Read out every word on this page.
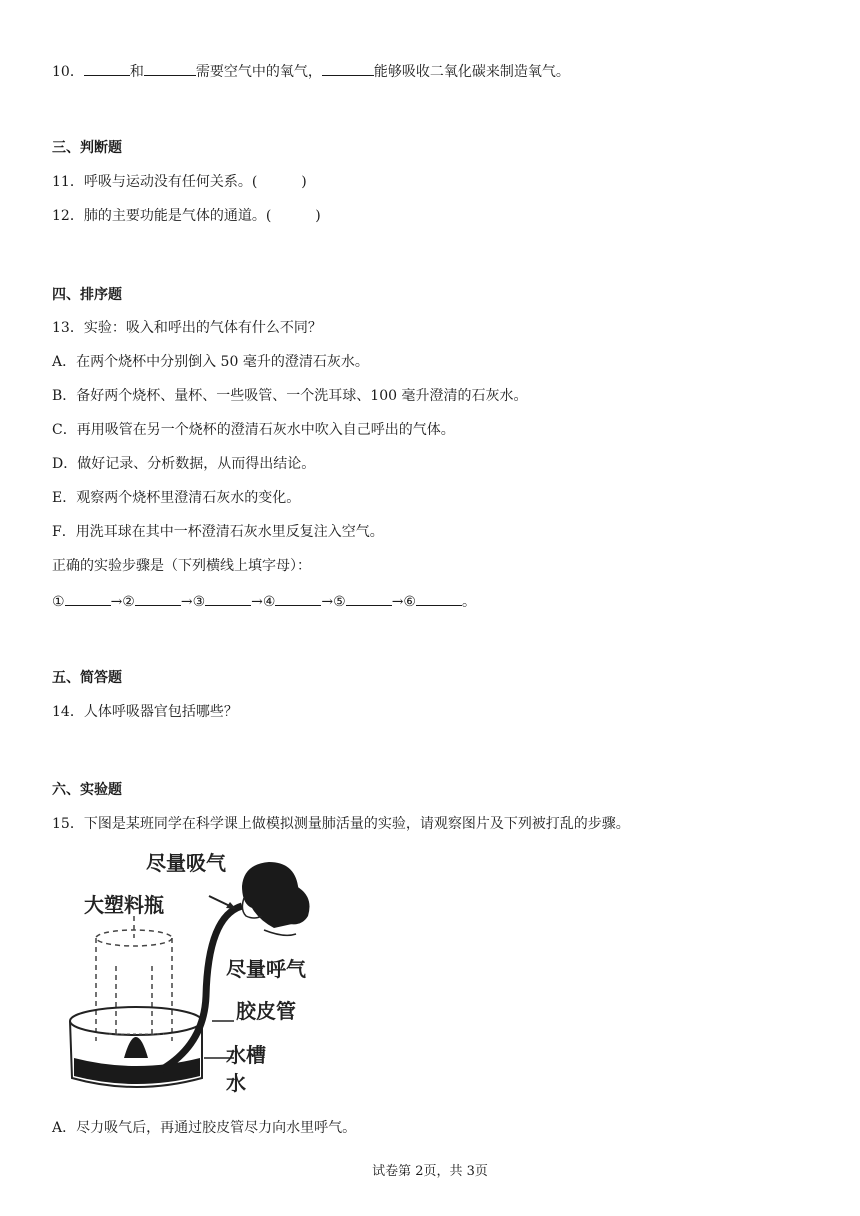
10．	和	需要空气中的氧气，	能够吸收二氧化碳来制造氧气。
三、判断题
11．呼吸与运动没有任何关系。(	)
12．肺的主要功能是气体的通道。(	)
四、排序题
13．实验：吸入和呼出的气体有什么不同？
A．在两个烧杯中分别倒入 50 毫升的澄清石灰水。
B．备好两个烧杯、量杯、一些吸管、一个洗耳球、100 毫升澄清的石灰水。
C．再用吸管在另一个烧杯的澄清石灰水中吹入自己呼出的气体。
D．做好记录、分析数据，从而得出结论。
E．观察两个烧杯里澄清石灰水的变化。
F．用洗耳球在其中一杯澄清石灰水里反复注入空气。
正确的实验步骤是（下列横线上填字母）：
①	→②	→③	→④	→⑤	→⑥	。
五、简答题
14．人体呼吸器官包括哪些？
六、实验题
15．下图是某班同学在科学课上做模拟测量肺活量的实验，请观察图片及下列被打乱的步骤。
尽量吸气
大塑料瓶
尽量呼气
胶皮管
水槽
水
A．尽力吸气后，再通过胶皮管尽力向水里呼气。
试卷第 2页，共 3页
